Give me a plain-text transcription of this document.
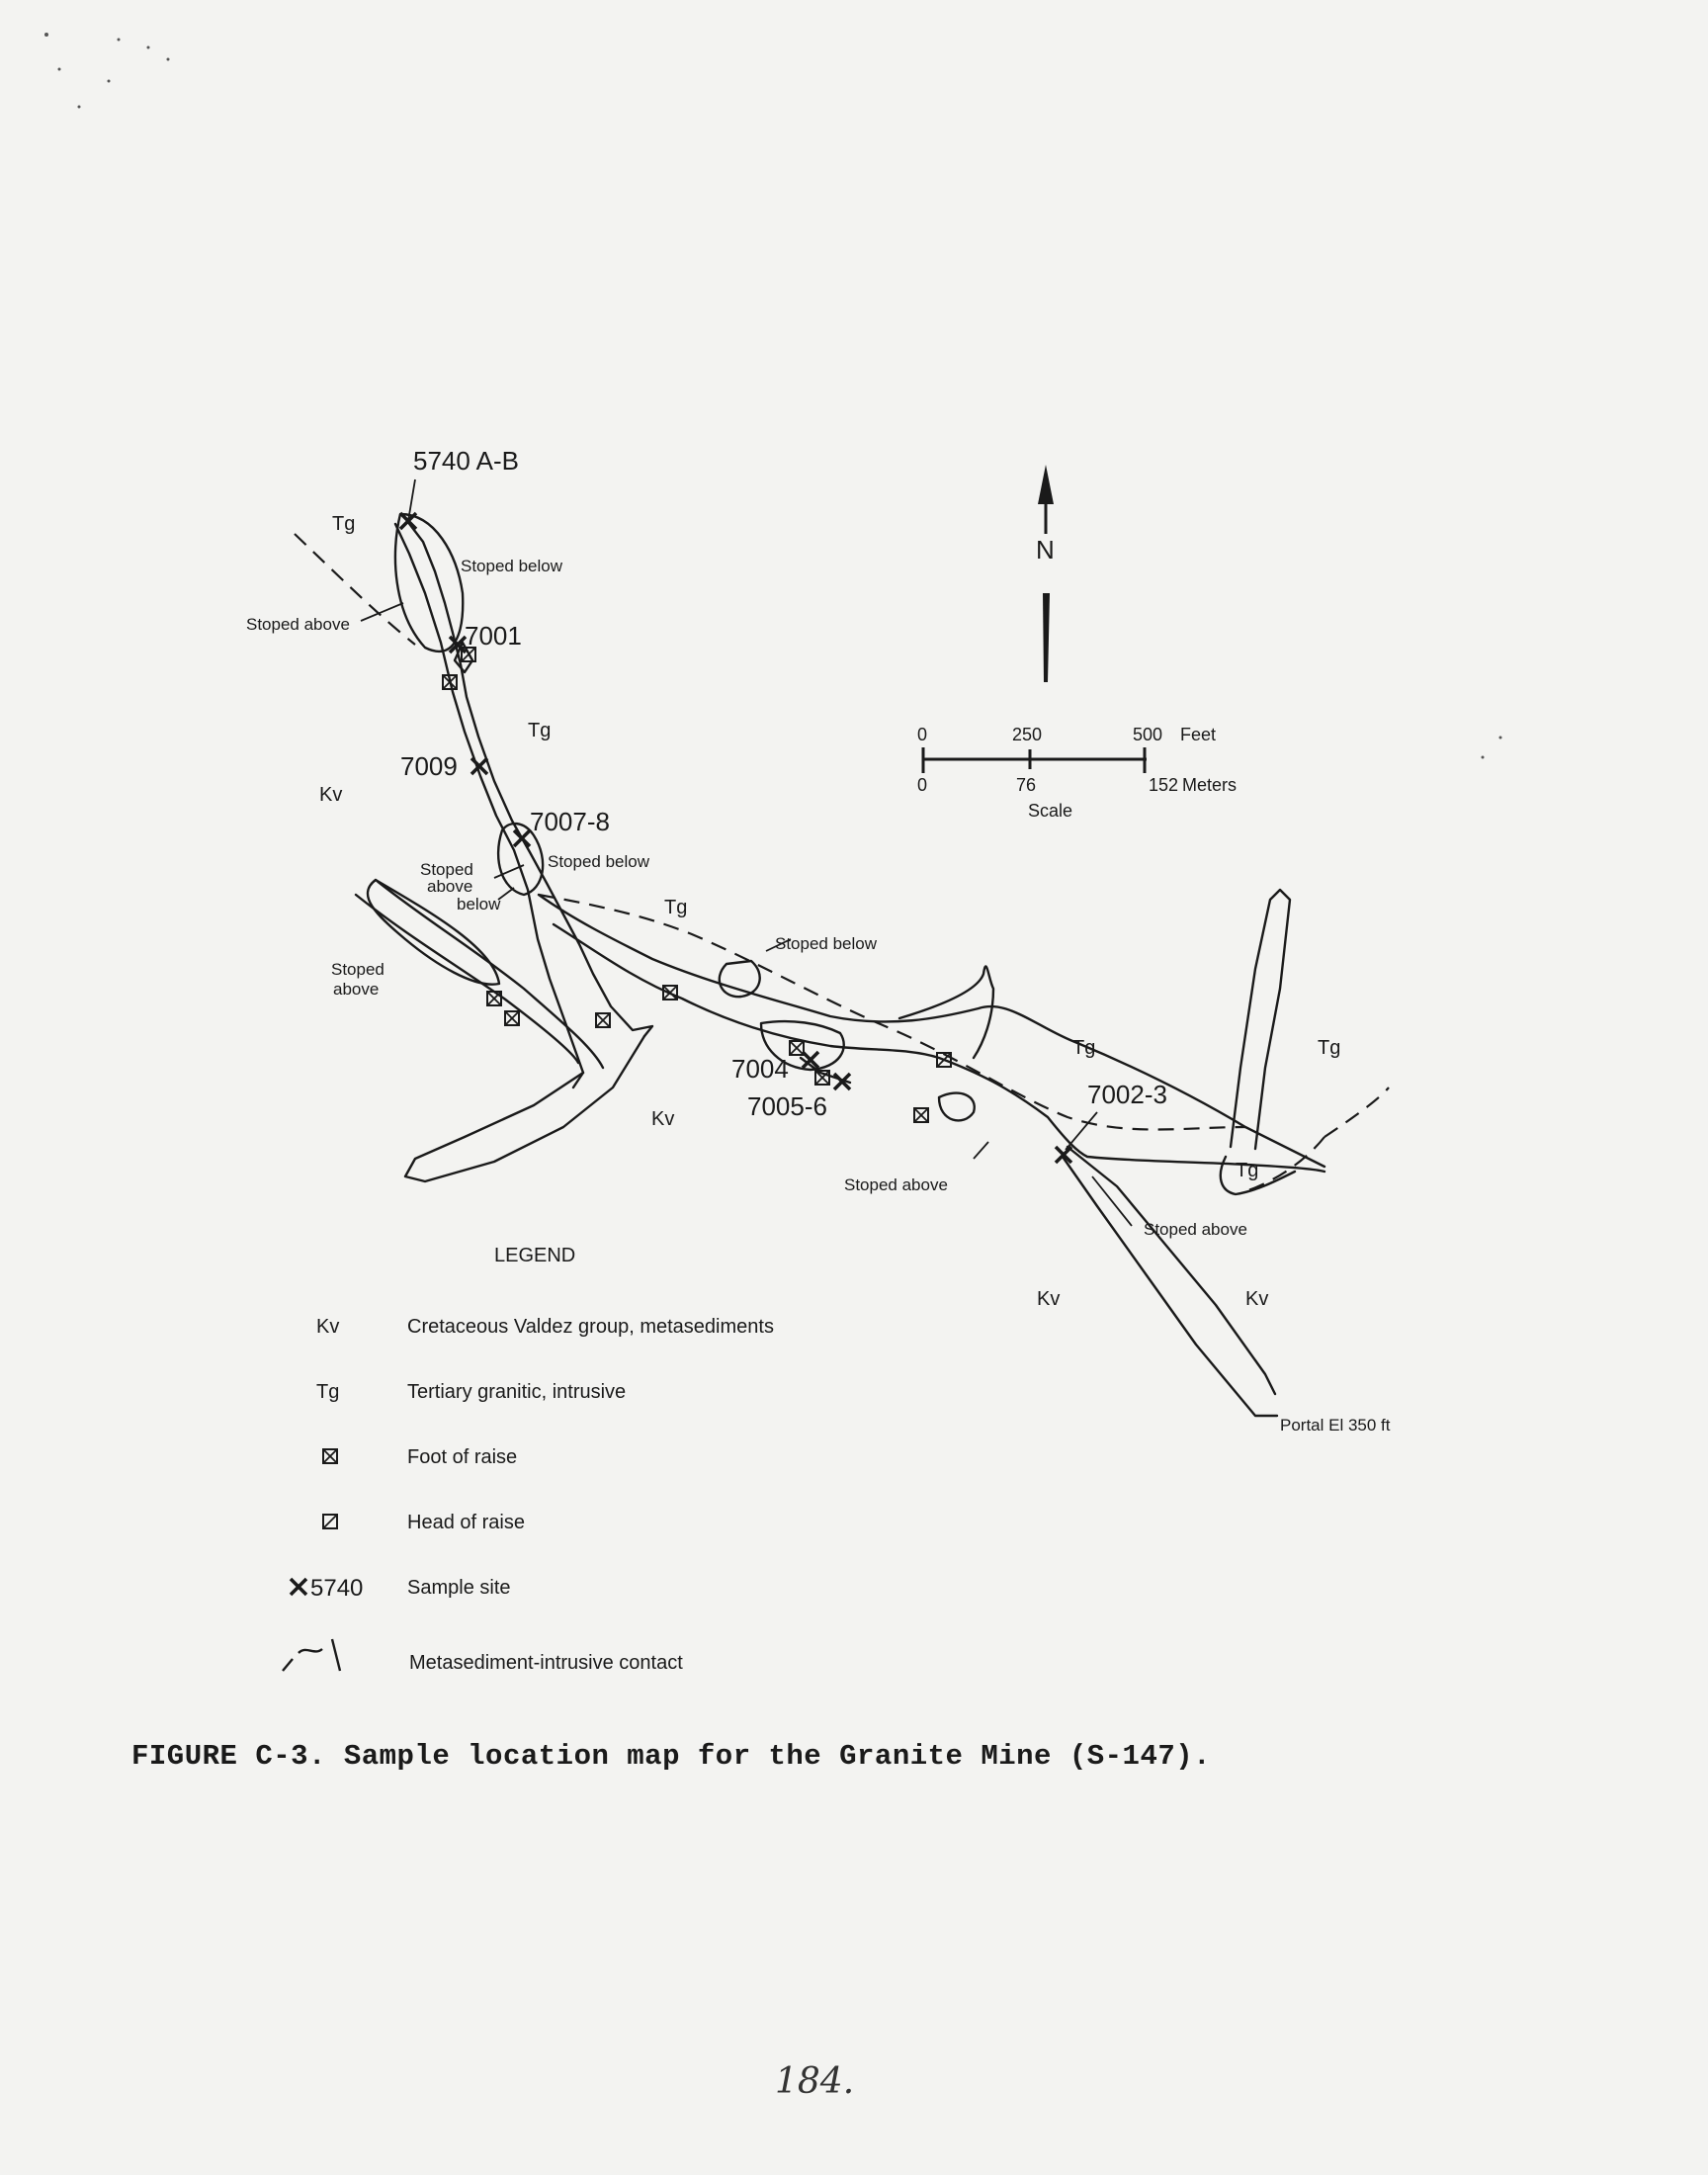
5740 A-B
7001
7009
7007-8
7004
7005-6	7002-3
Stoped below
Stoped above
Stoped below
Stoped
above
below
Stoped
above
Stoped below
Stoped above
Stoped above
Portal El 350 ft
Tg
Tg
Kv
Tg
Kv
Tg	Tg
Tg
Kv	Kv
N
0	250	500 Feet
0	76	152 Meters
Scale
LEGEND
Kv	Cretaceous Valdez group, metasediments
Tg	Tertiary granitic, intrusive
Foot of raise
Head of raise
5740 Sample site
Metasediment-intrusive contact
FIGURE C-3. Sample location map for the Granite Mine (S-147).
184.
